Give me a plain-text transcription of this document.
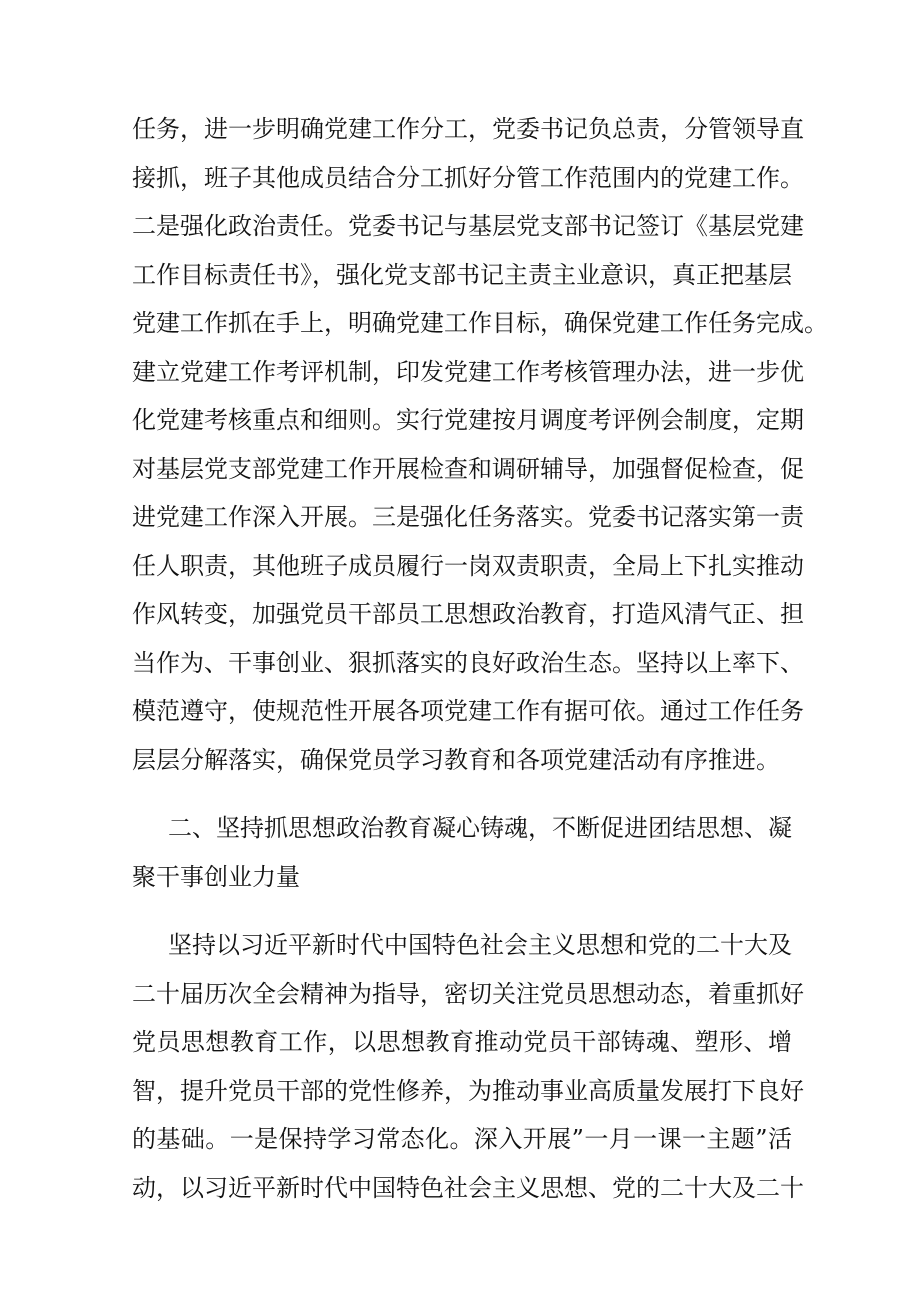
任务，进一步明确党建工作分工，党委书记负总责，分管领导直
接抓，班子其他成员结合分工抓好分管工作范围内的党建工作。
二是强化政治责任。党委书记与基层党支部书记签订《基层党建
工作目标责任书》，强化党支部书记主责主业意识，真正把基层
党建工作抓在手上，明确党建工作目标，确保党建工作任务完成。
建立党建工作考评机制，印发党建工作考核管理办法，进一步优
化党建考核重点和细则。实行党建按月调度考评例会制度，定期
对基层党支部党建工作开展检查和调研辅导，加强督促检查，促
进党建工作深入开展。三是强化任务落实。党委书记落实第一责
任人职责，其他班子成员履行一岗双责职责，全局上下扎实推动
作风转变，加强党员干部员工思想政治教育，打造风清气正、担
当作为、干事创业、狠抓落实的良好政治生态。坚持以上率下、
模范遵守，使规范性开展各项党建工作有据可依。通过工作任务
层层分解落实，确保党员学习教育和各项党建活动有序推进。
二、坚持抓思想政治教育凝心铸魂，不断促进团结思想、凝
聚干事创业力量
坚持以习近平新时代中国特色社会主义思想和党的二十大及
二十届历次全会精神为指导，密切关注党员思想动态，着重抓好
党员思想教育工作，以思想教育推动党员干部铸魂、塑形、增
智，提升党员干部的党性修养，为推动事业高质量发展打下良好
的基础。一是保持学习常态化。深入开展”一月一课一主题”活
动，以习近平新时代中国特色社会主义思想、党的二十大及二十
